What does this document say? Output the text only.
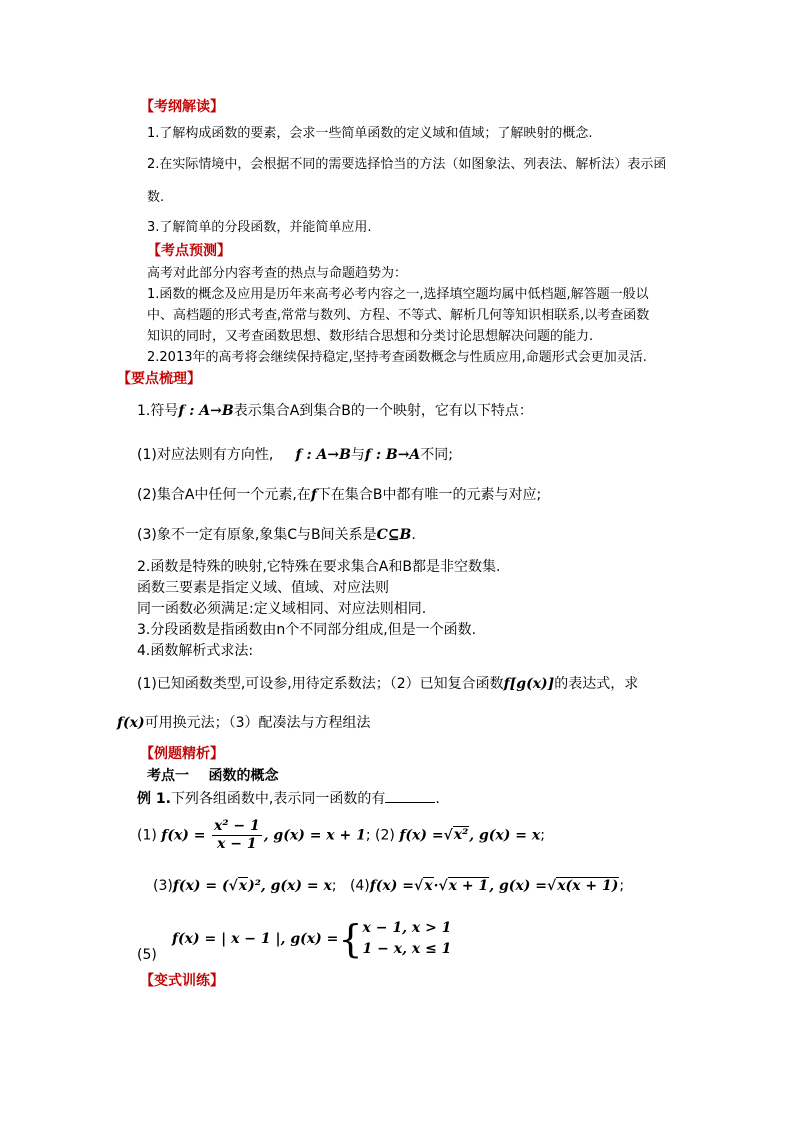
【考纲解读】
1.了解构成函数的要素，会求一些简单函数的定义域和值域；了解映射的概念.
2.在实际情境中，会根据不同的需要选择恰当的方法（如图象法、列表法、解析法）表示函
数.
3.了解简单的分段函数，并能简单应用.
【考点预测】
高考对此部分内容考查的热点与命题趋势为：
1.函数的概念及应用是历年来高考必考内容之一,选择填空题均属中低档题,解答题一般以
中、高档题的形式考查,常常与数列、方程、不等式、解析几何等知识相联系,以考查函数
知识的同时，又考查函数思想、数形结合思想和分类讨论思想解决问题的能力.
2.2013年的高考将会继续保持稳定,坚持考查函数概念与性质应用,命题形式会更加灵活.
【要点梳理】
1.符号f : A→B表示集合A到集合B的一个映射，它有以下特点：
(1)对应法则有方向性, f : A→B与f : B→A不同;
(2)集合A中任何一个元素,在f下在集合B中都有唯一的元素与对应;
(3)象不一定有原象,象集C与B间关系是C⊆B.
2.函数是特殊的映射,它特殊在要求集合A和B都是非空数集.
函数三要素是指定义域、值域、对应法则
同一函数必须满足:定义域相同、对应法则相同.
3.分段函数是指函数由n个不同部分组成,但是一个函数.
4.函数解析式求法:
(1)已知函数类型,可设参,用待定系数法；（2）已知复合函数f[g(x)]的表达式，求
f(x)可用换元法；（3）配凑法与方程组法
【例题精析】
考点一 函数的概念
例 1.下列各组函数中,表示同一函数的有	.
(1) $f(x) = \frac{\text{x² − 1}}{x - 1}$ , g(x) = x + 1; (2) f(x) =√x², g(x) = x;
(3)f(x) = (√x)², g(x) = x; (4)f(x) =√x·√x + 1, g(x) =√x(x + 1);
f(x) = | x − 1 |, g(x) ={ x − 1, x > 1
1 − x, x ≤ 1
(5)
【变式训练】
